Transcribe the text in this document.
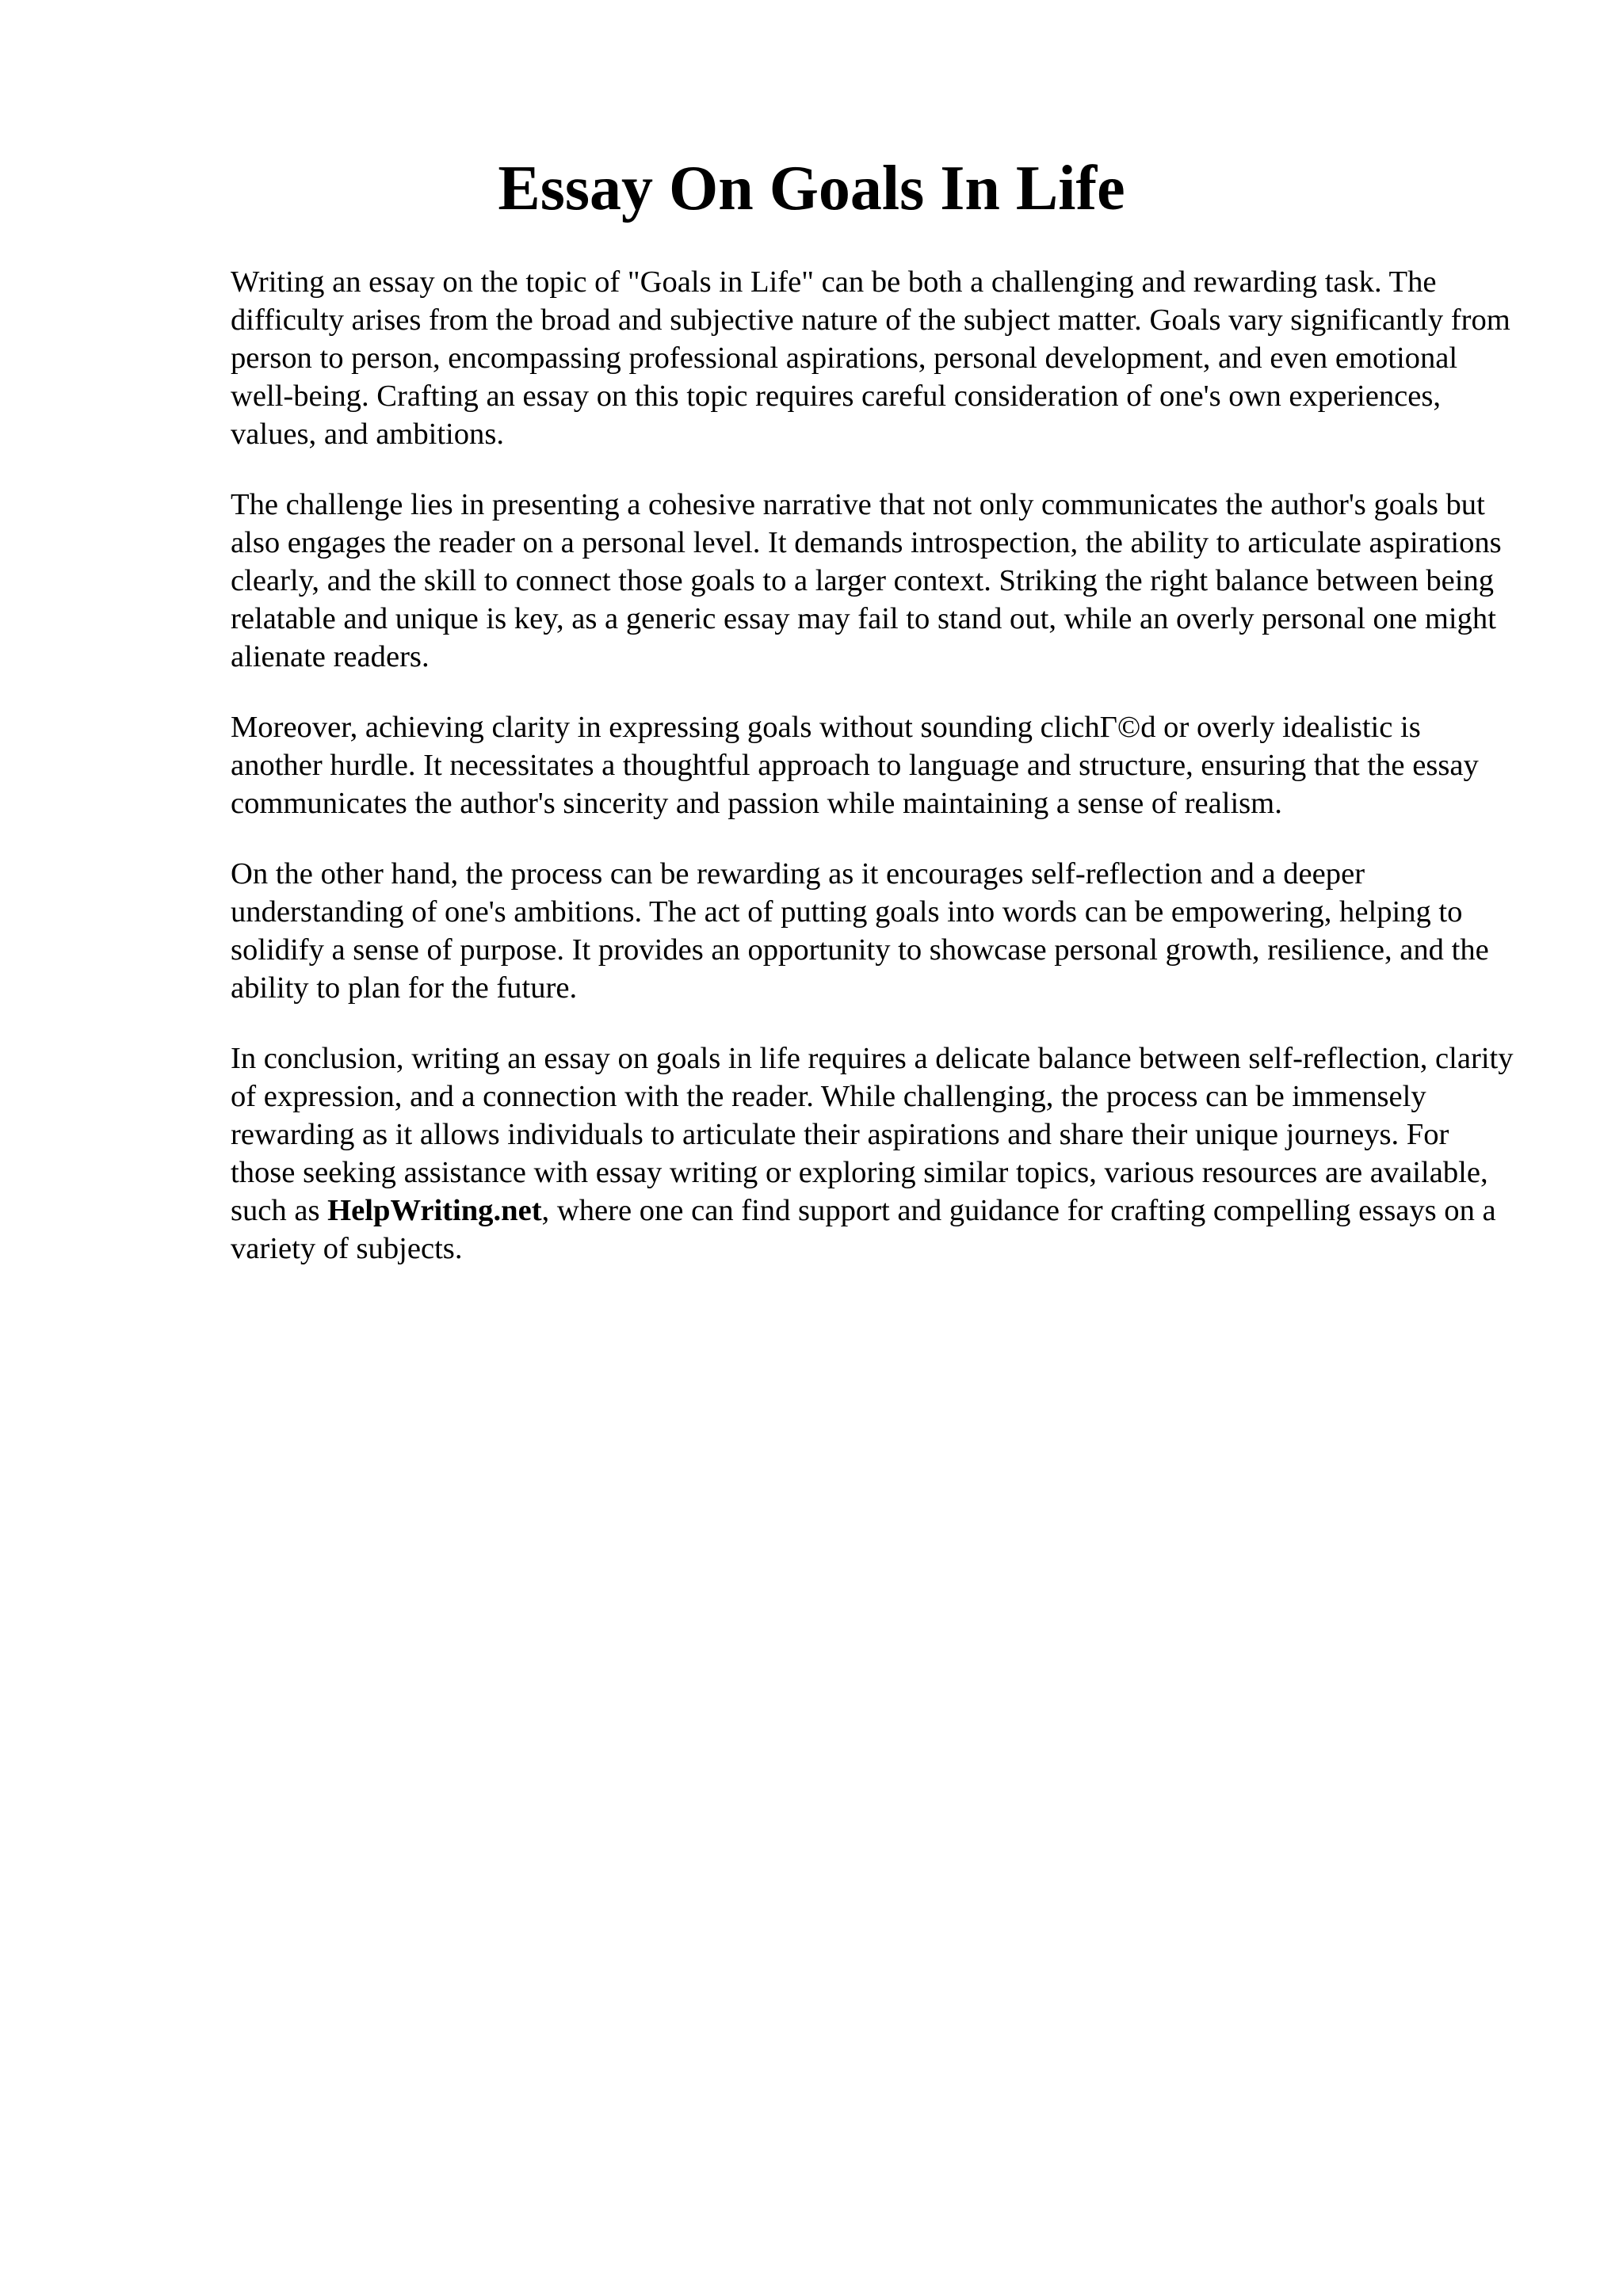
Essay On Goals In Life

Writing an essay on the topic of "Goals in Life" can be both a challenging and rewarding task. The difficulty arises from the broad and subjective nature of the subject matter. Goals vary significantly from person to person, encompassing professional aspirations, personal development, and even emotional well-being. Crafting an essay on this topic requires careful consideration of one's own experiences, values, and ambitions.

The challenge lies in presenting a cohesive narrative that not only communicates the author's goals but also engages the reader on a personal level. It demands introspection, the ability to articulate aspirations clearly, and the skill to connect those goals to a larger context. Striking the right balance between being relatable and unique is key, as a generic essay may fail to stand out, while an overly personal one might alienate readers.

Moreover, achieving clarity in expressing goals without sounding clichΓ©d or overly idealistic is another hurdle. It necessitates a thoughtful approach to language and structure, ensuring that the essay communicates the author's sincerity and passion while maintaining a sense of realism.

On the other hand, the process can be rewarding as it encourages self-reflection and a deeper understanding of one's ambitions. The act of putting goals into words can be empowering, helping to solidify a sense of purpose. It provides an opportunity to showcase personal growth, resilience, and the ability to plan for the future.

In conclusion, writing an essay on goals in life requires a delicate balance between self-reflection, clarity of expression, and a connection with the reader. While challenging, the process can be immensely rewarding as it allows individuals to articulate their aspirations and share their unique journeys. For those seeking assistance with essay writing or exploring similar topics, various resources are available, such as HelpWriting.net, where one can find support and guidance for crafting compelling essays on a variety of subjects.
